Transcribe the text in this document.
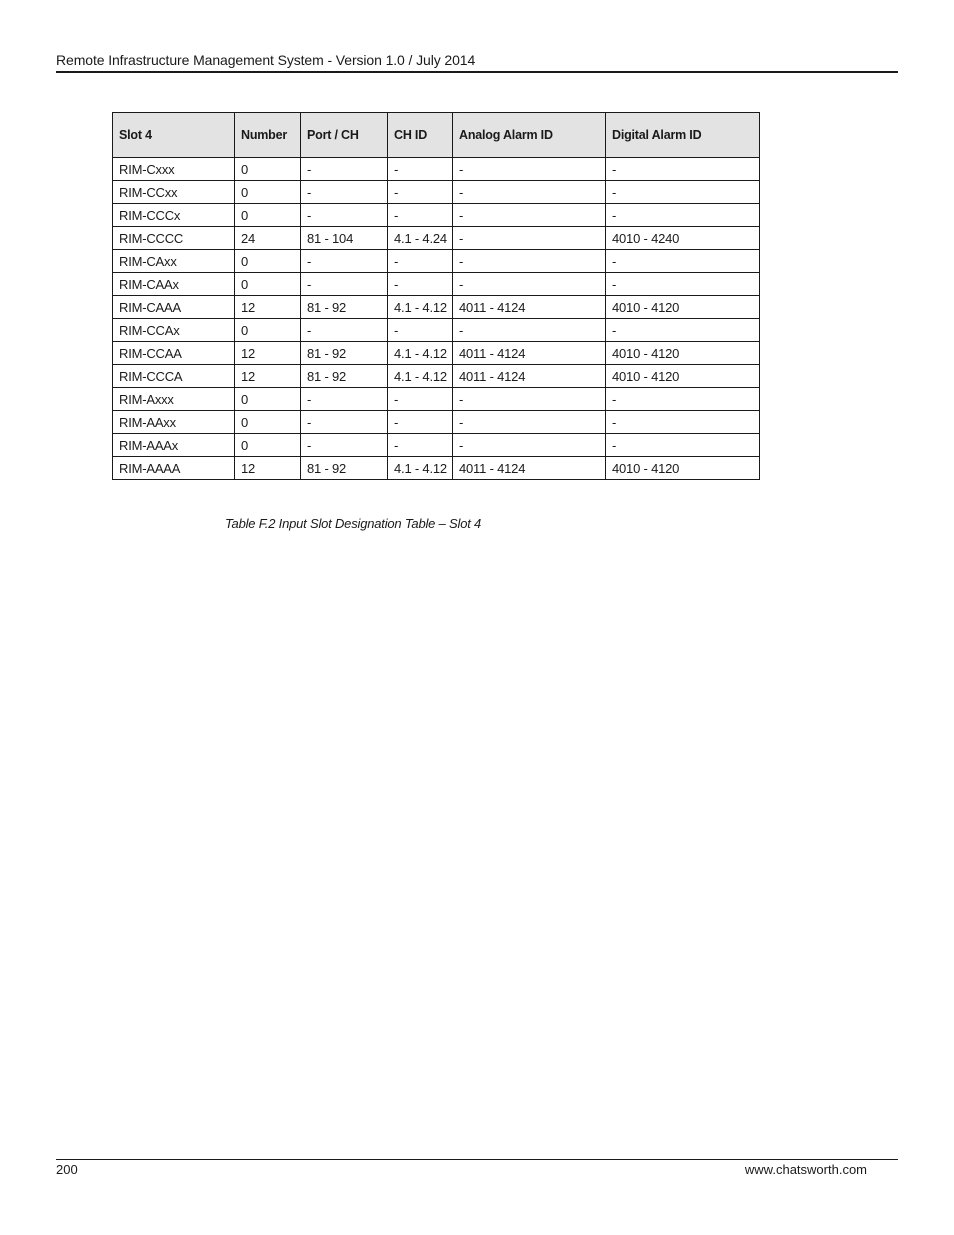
Remote Infrastructure Management System - Version 1.0 / July 2014
Slot 4	Number	Port / CH	CH ID	Analog Alarm ID	Digital Alarm ID
RIM-Cxxx	0	-	-	-	-
RIM-CCxx	0	-	-	-	-
RIM-CCCx	0	-	-	-	-
RIM-CCCC	24	81 - 104	4.1 - 4.24	-	4010 - 4240
RIM-CAxx	0	-	-	-	-
RIM-CAAx	0	-	-	-	-
RIM-CAAA	12	81 - 92	4.1 - 4.12	4011 - 4124	4010 - 4120
RIM-CCAx	0	-	-	-	-
RIM-CCAA	12	81 - 92	4.1 - 4.12	4011 - 4124	4010 - 4120
RIM-CCCA	12	81 - 92	4.1 - 4.12	4011 - 4124	4010 - 4120
RIM-Axxx	0	-	-	-	-
RIM-AAxx	0	-	-	-	-
RIM-AAAx	0	-	-	-	-
RIM-AAAA	12	81 - 92	4.1 - 4.12	4011 - 4124	4010 - 4120
Table F.2 Input Slot Designation Table – Slot 4
200	www.chatsworth.com
